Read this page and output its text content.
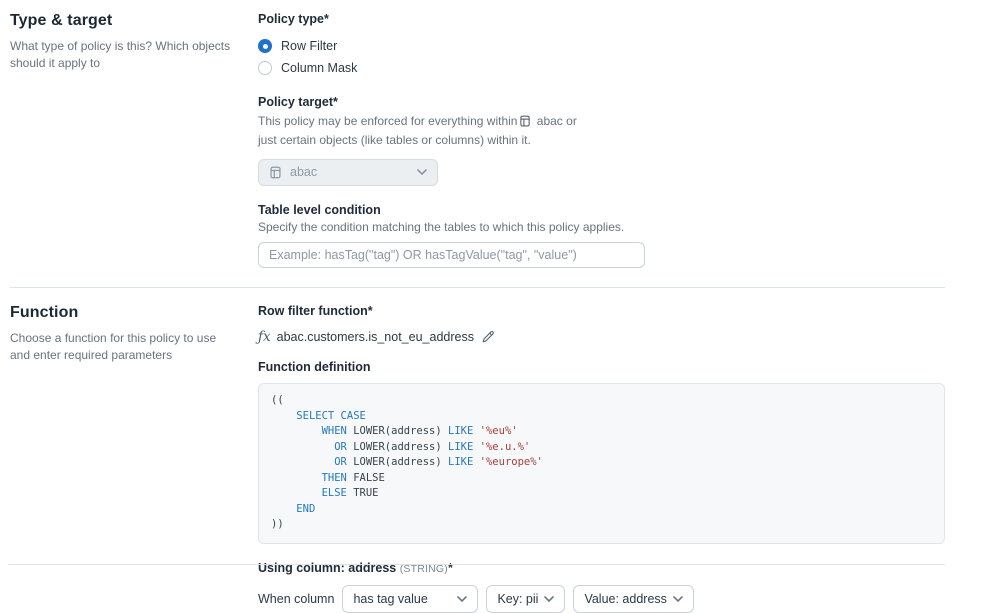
Type & target
What type of policy is this? Which objects should it apply to
Policy type*
Row Filter
Column Mask
Policy target*
This policy may be enforced for everything within abac or
just certain objects (like tables or columns) within it.
abac
Table level condition
Specify the condition matching the tables to which this policy applies.
Example: hasTag("tag") OR hasTagValue("tag", "value")
Function
Choose a function for this policy to use and enter required parameters
Row filter function*
ƒx abac.customers.is_not_eu_address
Function definition
((
SELECT CASE
WHEN LOWER(address) LIKE '%eu%'
OR LOWER(address) LIKE '%e.u.%'
OR LOWER(address) LIKE '%europe%'
THEN FALSE
ELSE TRUE
END
))
Using column: address (STRING)*
When column has tag value	Key: pii	Value: address
